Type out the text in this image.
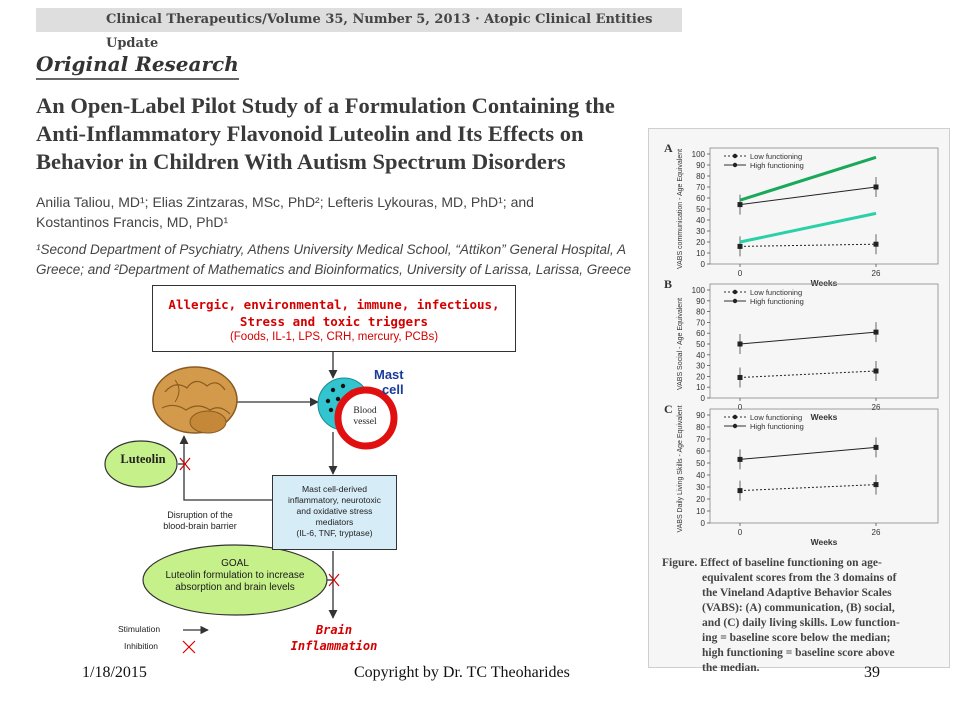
Clinical Therapeutics/Volume 35, Number 5, 2013 · Atopic Clinical Entities Update
Original Research
An Open-Label Pilot Study of a Formulation Containing the
Anti-Inflammatory Flavonoid Luteolin and Its Effects on
Behavior in Children With Autism Spectrum Disorders
Anilia Taliou, MD¹; Elias Zintzaras, MSc, PhD²; Lefteris Lykouras, MD, PhD¹; and
Kostantinos Francis, MD, PhD¹
¹Second Department of Psychiatry, Athens University Medical School, “Attikon” General Hospital, A
Greece; and ²Department of Mathematics and Bioinformatics, University of Larissa, Larissa, Greece
Allergic, environmental, immune, infectious,
Stress and toxic triggers
(Foods, IL-1, LPS, CRH, mercury, PCBs)
Mast
cell
Blood
vessel
Luteolin
Mast cell-derived
inflammatory, neurotoxic
and oxidative stress
mediators
(IL-6, TNF, tryptase)
Disruption of the
blood-brain barrier
GOAL
Luteolin formulation to increase
absorption and brain levels
Brain
Inflammation
Stimulation
Inhibition
A
0
10
20
30
40
50
60
70
80
90
100
0	26
Weeks
VABS communication - Age Equivalent	Low functioning
High functioning
B
0
10
20
30
40
50
60
70
80
90
100
0	26
Weeks
VABS Social - Age Equivalent
Low functioning
High functioning
C
0
10
20
30
40
50
60
70
80
90
0	26
Weeks
VABS Daily Living Skills - Age Equivalent	Low functioning
High functioning
Figure. Effect of baseline functioning on age-
equivalent scores from the 3 domains of
the Vineland Adaptive Behavior Scales
(VABS): (A) communication, (B) social,
and (C) daily living skills. Low function-
ing = baseline score below the median;
high functioning = baseline score above
the median.
1/18/2015	Copyright by Dr. TC Theoharides	39
